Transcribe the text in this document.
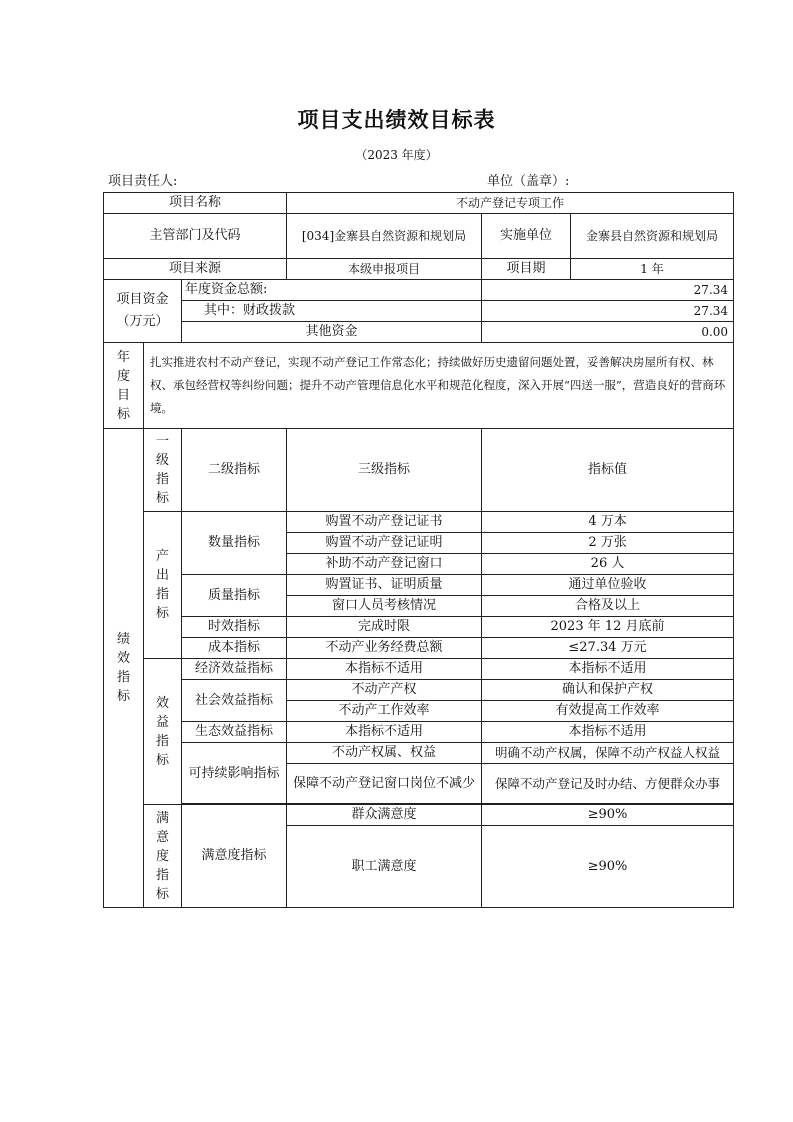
项目支出绩效目标表
（2023 年度）
项目责任人:	单位（盖章）:
项目名称			不动产登记专项工作		
主管部门及代码			[034]金寨县自然资源和规划局	实施单位	金寨县自然资源和规划局
项目来源			本级申报项目	项目期	1 年
项目资金（万元）		年度资金总额:		27.34	
		其中：财政拨款		27.34	
		其他资金		0.00	
年度目标	扎实推进农村不动产登记，实现不动产登记工作常态化；持续做好历史遗留问题处置，妥善解决房屋所有权、林权、承包经营权等纠纷问题；提升不动产管理信息化水平和规范化程度，深入开展“四送一服”，营造良好的营商环境。				
绩效指标	一级指标	二级指标	三级指标	指标值	
	产出指标	数量指标	购置不动产登记证书	4 万本	
			购置不动产登记证明	2 万张	
			补助不动产登记窗口	26 人	
		质量指标	购置证书、证明质量	通过单位验收	
			窗口人员考核情况	合格及以上	
		时效指标	完成时限	2023 年 12 月底前	
		成本指标	不动产业务经费总额	≤27.34 万元	
	效益指标	经济效益指标	本指标不适用	本指标不适用	
		社会效益指标	不动产产权	确认和保护产权	
			不动产工作效率	有效提高工作效率	
		生态效益指标	本指标不适用	本指标不适用	
		可持续影响指标	不动产权属、权益	明确不动产权属，保障不动产权益人权益	
			保障不动产登记窗口岗位不减少	保障不动产登记及时办结、方便群众办事	

	满意度指标	满意度指标	群众满意度	≥90%	
			职工满意度	≥90%	
